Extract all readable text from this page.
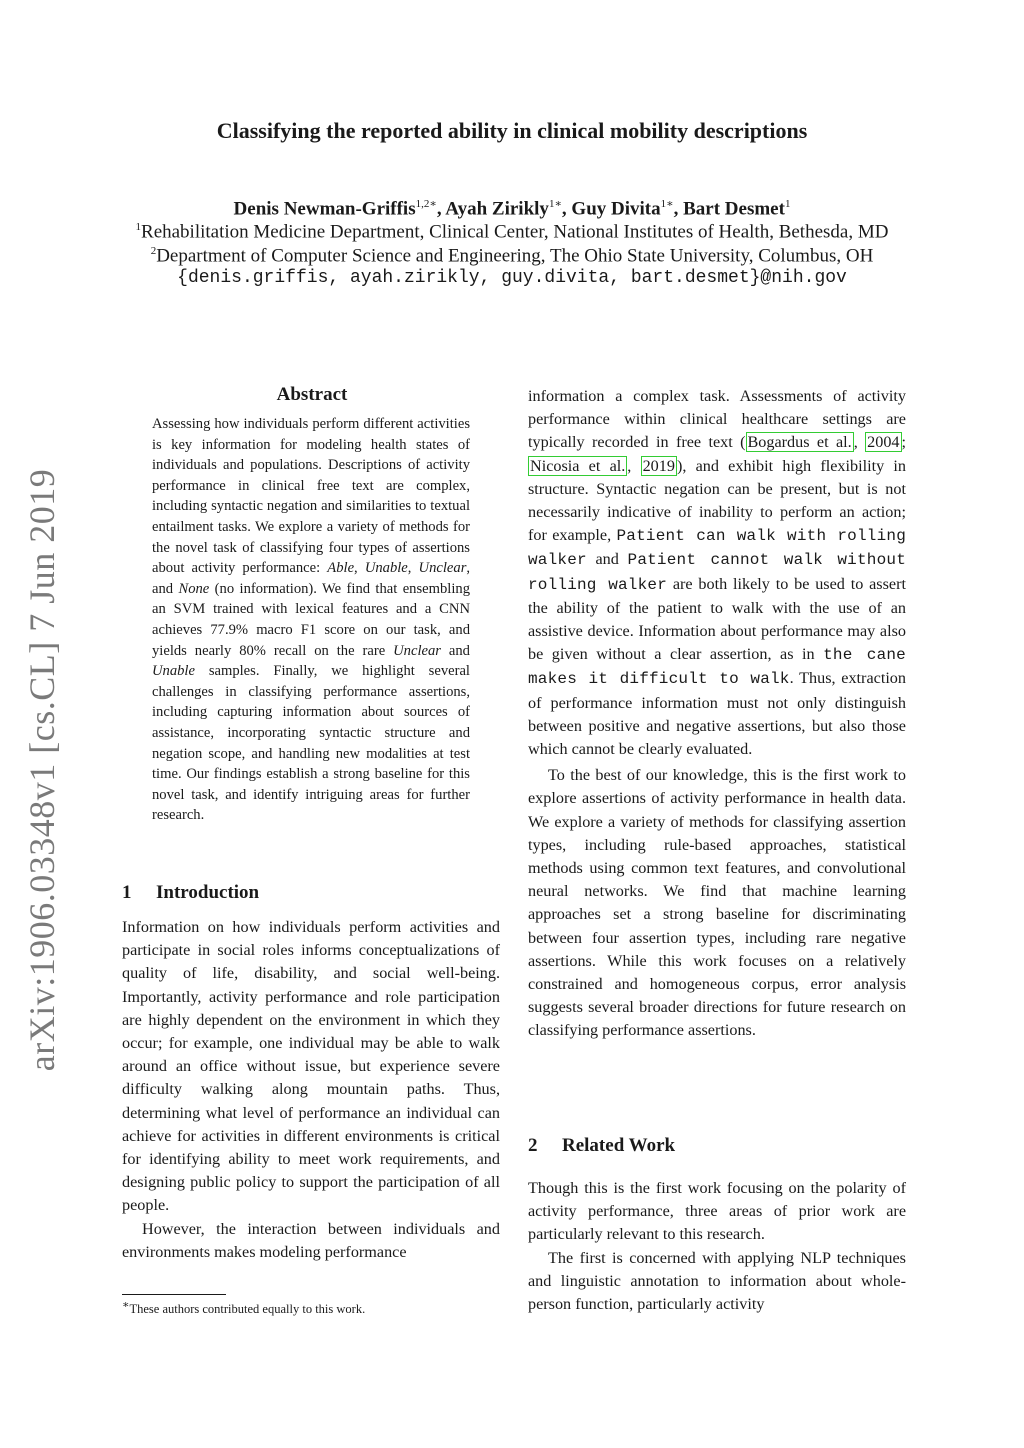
arXiv:1906.03348v1 [cs.CL] 7 Jun 2019
Classifying the reported ability in clinical mobility descriptions
Denis Newman-Griffis$^{1,2∗}$, Ayah Zirikly$^{1∗}$, Guy Divita$^{1∗}$, Bart Desmet$^1$
$^1$Rehabilitation Medicine Department, Clinical Center, National Institutes of Health, Bethesda, MD
$^2$Department of Computer Science and Engineering, The Ohio State University, Columbus, OH
{denis.griffis, ayah.zirikly, guy.divita, bart.desmet}@nih.gov
Abstract

Assessing how individuals perform different activities is key information for modeling health states of individuals and populations. Descriptions of activity performance in clinical free text are complex, including syntactic negation and similarities to textual entailment tasks. We explore a variety of methods for the novel task of classifying four types of assertions about activity performance: Able, Unable, Unclear, and None (no information). We find that ensembling an SVM trained with lexical features and a CNN achieves 77.9% macro F1 score on our task, and yields nearly 80% recall on the rare Unclear and Unable samples. Finally, we highlight several challenges in classifying performance assertions, including capturing information about sources of assistance, incorporating syntactic structure and negation scope, and handling new modalities at test time. Our findings establish a strong baseline for this novel task, and identify intriguing areas for further research.

1 Introduction

Information on how individuals perform activities and participate in social roles informs conceptualizations of quality of life, disability, and social well-being. Importantly, activity performance and role participation are highly dependent on the environment in which they occur; for example, one individual may be able to walk around an office without issue, but experience severe difficulty walking along mountain paths. Thus, determining what level of performance an individual can achieve for activities in different environments is critical for identifying ability to meet work requirements, and designing public policy to support the participation of all people.

However, the interaction between individuals and environments makes modeling performance

information a complex task. Assessments of activity performance within clinical healthcare settings are typically recorded in free text ( Bogardus et al. , 2004 ; Nicosia et al. , 2019 ), and exhibit high flexibility in structure. Syntactic negation can be present, but is not necessarily indicative of inability to perform an action; for example, Patient can walk with rolling walker and Patient cannot walk without rolling walker are both likely to be used to assert the ability of the patient to walk with the use of an assistive device. Information about performance may also be given without a clear assertion, as in the cane makes it difficult to walk. Thus, extraction of performance information must not only distinguish between positive and negative assertions, but also those which cannot be clearly evaluated.

To the best of our knowledge, this is the first work to explore assertions of activity performance in health data. We explore a variety of methods for classifying assertion types, including rule-based approaches, statistical methods using common text features, and convolutional neural networks. We find that machine learning approaches set a strong baseline for discriminating between four assertion types, including rare negative assertions. While this work focuses on a relatively constrained and homogeneous corpus, error analysis suggests several broader directions for future research on classifying performance assertions.

2 Related Work

Though this is the first work focusing on the polarity of activity performance, three areas of prior work are particularly relevant to this research.

The first is concerned with applying NLP techniques and linguistic annotation to information about whole-person function, particularly activity

∗These authors contributed equally to this work.
